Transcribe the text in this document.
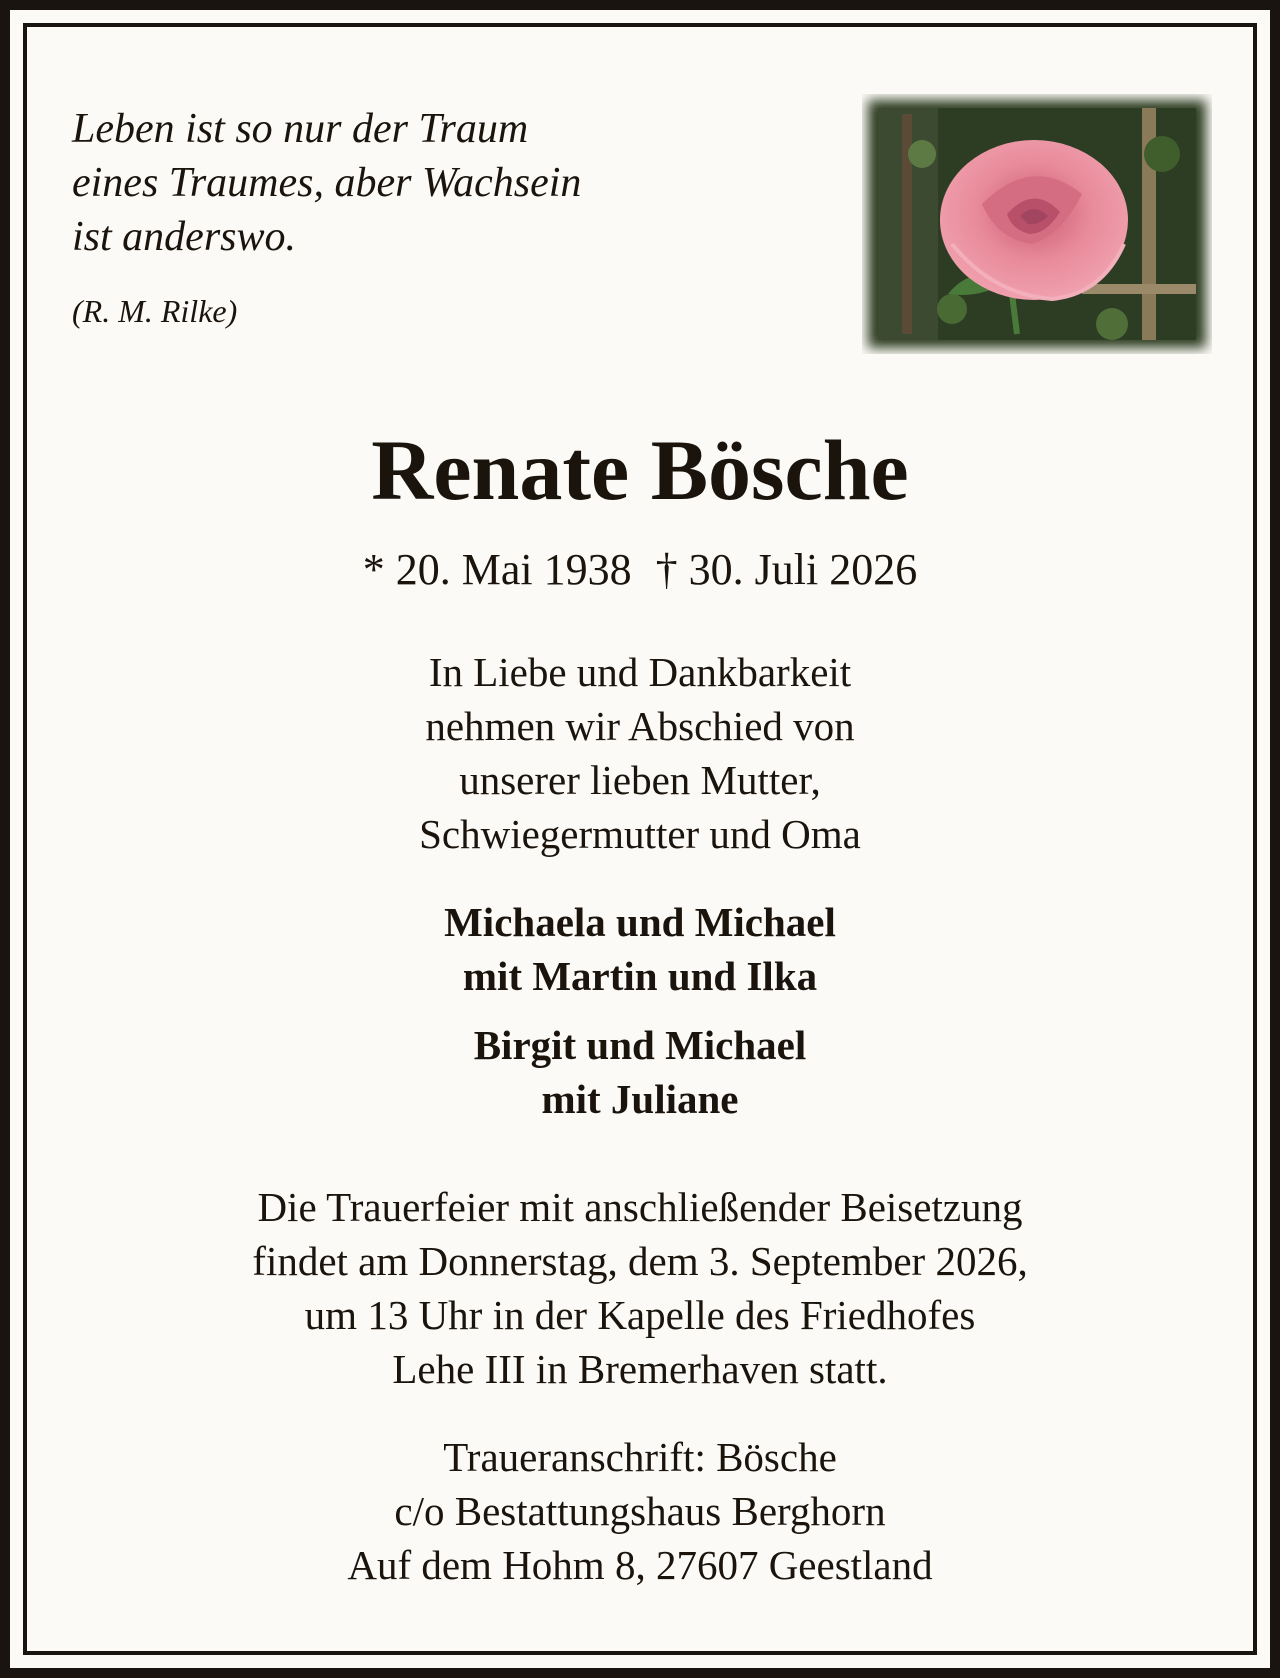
Leben ist so nur der Traum
eines Traumes, aber Wachsein
ist anderswo.
(R. M. Rilke)
Renate Bösche
* 20. Mai 1938 † 30. Juli 2026
In Liebe und Dankbarkeit
nehmen wir Abschied von
unserer lieben Mutter,
Schwiegermutter und Oma
Michaela und Michael
mit Martin und Ilka
Birgit und Michael
mit Juliane
Die Trauerfeier mit anschließender Beisetzung
findet am Donnerstag, dem 3. September 2026,
um 13 Uhr in der Kapelle des Friedhofes
Lehe III in Bremerhaven statt.
Traueranschrift: Bösche
c/o Bestattungshaus Berghorn
Auf dem Hohm 8, 27607 Geestland
